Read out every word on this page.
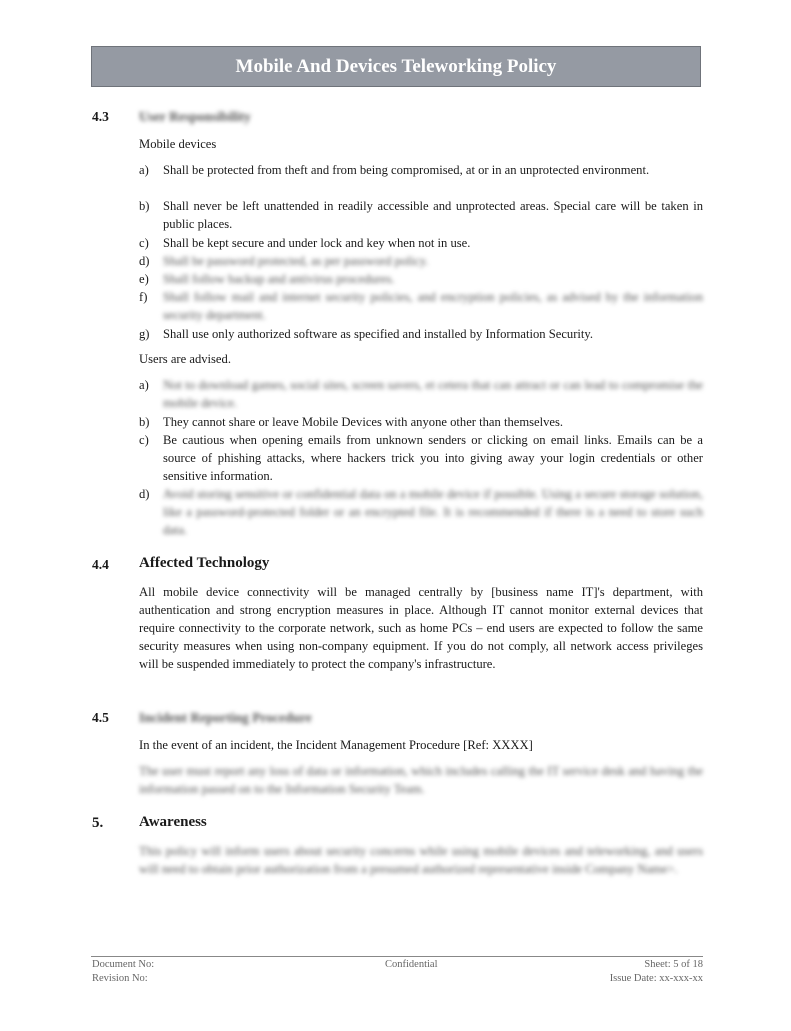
Mobile And Devices Teleworking Policy
4.3 User Responsibility
Mobile devices
a) Shall be protected from theft and from being compromised, at or in an unprotected environment.
b) Shall never be left unattended in readily accessible and unprotected areas. Special care will be taken in public places.
c) Shall be kept secure and under lock and key when not in use.
d) Shall be password protected, as per password policy.
e) Shall follow backup and antivirus procedures.
f) Shall follow mail and internet security policies, and encryption policies, as advised by the information security department.
g) Shall use only authorized software as specified and installed by Information Security.
Users are advised.
a) Not to download games, social sites, screen savers, et cetera that can attract or can lead to compromise the mobile device.
b) They cannot share or leave Mobile Devices with anyone other than themselves.
c) Be cautious when opening emails from unknown senders or clicking on email links. Emails can be a source of phishing attacks, where hackers trick you into giving away your login credentials or other sensitive information.
d) Avoid storing sensitive or confidential data on a mobile device if possible. Using a secure storage solution, like a password-protected folder or an encrypted file. It is recommended if there is a need to store such data.
4.4 Affected Technology
All mobile device connectivity will be managed centrally by [business name IT]'s department, with authentication and strong encryption measures in place. Although IT cannot monitor external devices that require connectivity to the corporate network, such as home PCs – end users are expected to follow the same security measures when using non-company equipment. If you do not comply, all network access privileges will be suspended immediately to protect the company's infrastructure.
4.5 Incident Reporting Procedure
In the event of an incident, the Incident Management Procedure [Ref: XXXX]
The user must report any loss of data or information, which includes calling the IT service desk and having the information passed on to the Information Security Team.
5. Awareness
This policy will inform users about security concerns while using mobile devices and teleworking, and users will need to obtain prior authorization from a presumed authorized representative inside Company Name>.
Document No:
Revision No:
Confidential	Sheet: 5 of 18
Issue Date: xx-xxx-xx
